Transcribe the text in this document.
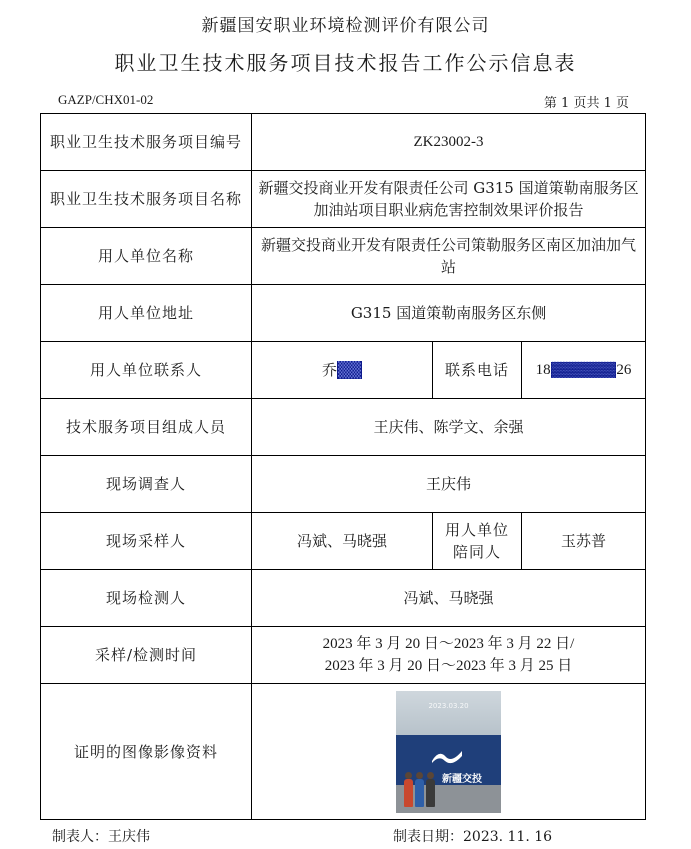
新疆国安职业环境检测评价有限公司
职业卫生技术服务项目技术报告工作公示信息表
GAZP/CHX01-02	第 1 页共 1 页
职业卫生技术服务项目编号	ZK23002-3		
职业卫生技术服务项目名称	新疆交投商业开发有限责任公司 G315 国道策勒南服务区加油站项目职业病危害控制效果评价报告		
用人单位名称	新疆交投商业开发有限责任公司策勒服务区南区加油加气站		
用人单位地址	G315 国道策勒南服务区东侧		
用人单位联系人	乔▒▒	联系电话	18▒▒▒▒▒▒26
技术服务项目组成人员	王庆伟、陈学文、余强		
现场调查人	王庆伟		
现场采样人	冯斌、马晓强	用人单位陪同人	玉苏普
现场检测人	冯斌、马晓强		
采样/检测时间	2023 年 3 月 20 日～2023 年 3 月 22 日/
2023 年 3 月 20 日～2023 年 3 月 25 日		

证明的图像影像资料	2023.03.20
新疆交投		
制表人：王庆伟	制表日期：2023. 11. 16
